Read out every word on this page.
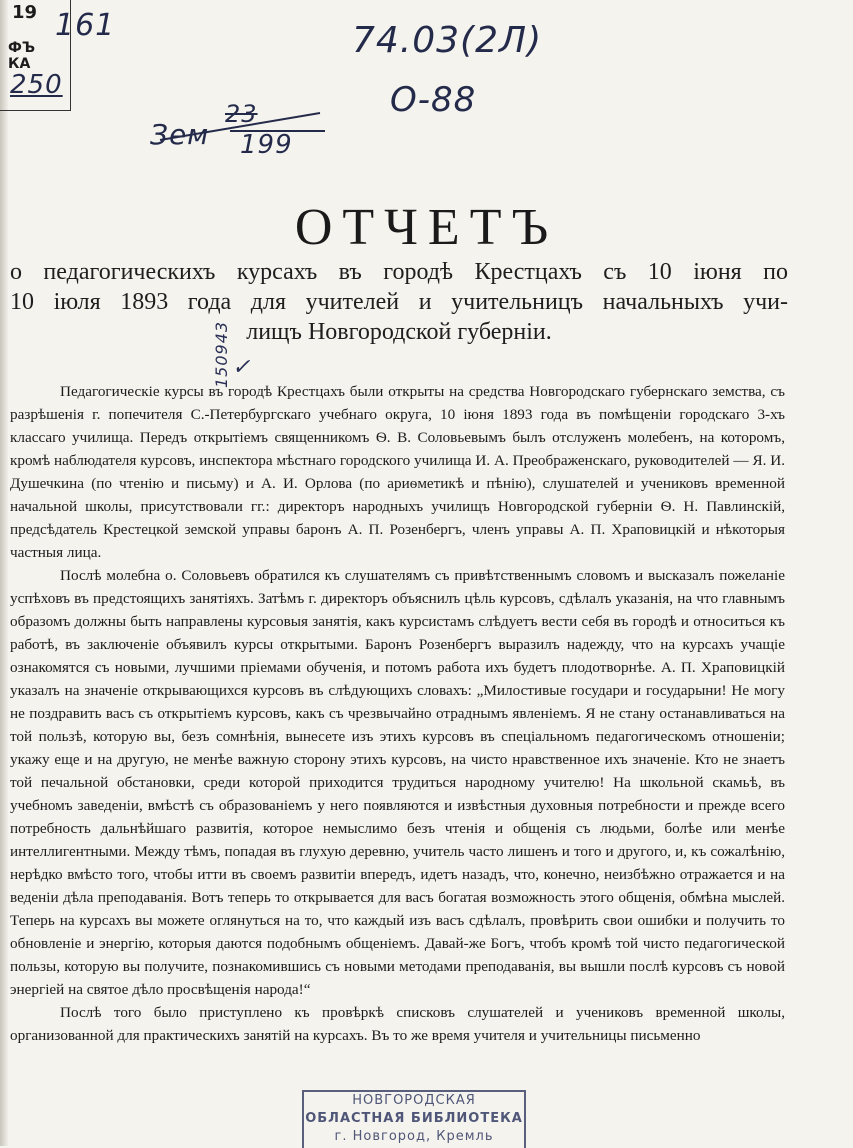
19
ФЪ
КА
161
250
74.03(2Л)
О-88
Зем
23
199
ОТЧЕТЪ
о педагогическихъ курсахъ въ городѣ Крестцахъ съ 10 іюня по
10 іюля 1893 года для учителей и учительницъ начальныхъ учи-
лищъ Новгородской губерніи.
150943 ✓

Педагогическіе курсы въ городѣ Крестцахъ были открыты на средства Новгородскаго губернскаго земства, съ разрѣшенія г. попечителя С.-Петербургскаго учебнаго округа, 10 іюня 1893 года въ помѣщеніи городскаго 3-хъ классаго училища. Передъ открытіемъ священникомъ Ѳ. В. Соловьевымъ былъ отслуженъ молебенъ, на которомъ, кромѣ наблюдателя курсовъ, инспектора мѣстнаго городского училища И. А. Преображенскаго, руководителей — Я. И. Душечкина (по чтенію и письму) и А. И. Орлова (по ариѳметикѣ и пѣнію), слушателей и учениковъ временной начальной школы, присутствовали гг.: директоръ народныхъ училищъ Новгородской губерніи Ѳ. Н. Павлинскій, предсѣдатель Крестецкой земской управы баронъ А. П. Розенбергъ, членъ управы А. П. Храповицкій и нѣкоторыя частныя лица.

Послѣ молебна о. Соловьевъ обратился къ слушателямъ съ привѣтственнымъ словомъ и высказалъ пожеланіе успѣховъ въ предстоящихъ занятіяхъ. Затѣмъ г. директоръ объяснилъ цѣль курсовъ, сдѣлалъ указанія, на что главнымъ образомъ должны быть направлены курсовыя занятія, какъ курсистамъ слѣдуетъ вести себя въ городѣ и относиться къ работѣ, въ заключеніе объявилъ курсы открытыми. Баронъ Розенбергъ выразилъ надежду, что на курсахъ учащіе ознакомятся съ новыми, лучшими пріемами обученія, и потомъ работа ихъ будетъ плодотворнѣе. А. П. Храповицкій указалъ на значеніе открывающихся курсовъ въ слѣдующихъ словахъ: „Милостивые государи и государыни! Не могу не поздравить васъ съ открытіемъ курсовъ, какъ съ чрезвычайно отраднымъ явленіемъ. Я не стану останавливаться на той пользѣ, которую вы, безъ сомнѣнія, вынесете изъ этихъ курсовъ въ спеціальномъ педагогическомъ отношеніи; укажу еще и на другую, не менѣе важную сторону этихъ курсовъ, на чисто нравственное ихъ значеніе. Кто не знаетъ той печальной обстановки, среди которой приходится трудиться народному учителю! На школьной скамьѣ, въ учебномъ заведеніи, вмѣстѣ съ образованіемъ у него появляются и извѣстныя духовныя потребности и прежде всего потребность дальнѣйшаго развитія, которое немыслимо безъ чтенія и общенія съ людьми, болѣе или менѣе интеллигентными. Между тѣмъ, попадая въ глухую деревню, учитель часто лишенъ и того и другого, и, къ сожалѣнію, нерѣдко вмѣсто того, чтобы итти въ своемъ развитіи впередъ, идетъ назадъ, что, конечно, неизбѣжно отражается и на веденіи дѣла преподаванія. Вотъ теперь то открывается для васъ богатая возможность этого общенія, обмѣна мыслей. Теперь на курсахъ вы можете оглянуться на то, что каждый изъ васъ сдѣлалъ, провѣрить свои ошибки и получить то обновленіе и энергію, которыя даются подобнымъ общеніемъ. Давай-же Богъ, чтобъ кромѣ той чисто педагогической пользы, которую вы получите, познакомившись съ новыми методами преподаванія, вы вышли послѣ курсовъ съ новой энергіей на святое дѣло просвѣщенія народа!“

Послѣ того было приступлено къ провѣркѣ списковъ слушателей и учениковъ временной школы, организованной для практическихъ занятій на курсахъ. Въ то же время учителя и учительницы письменно

НОВГОРОДСКАЯ
ОБЛАСТНАЯ БИБЛИОТЕКА
г. Новгород, Кремль
